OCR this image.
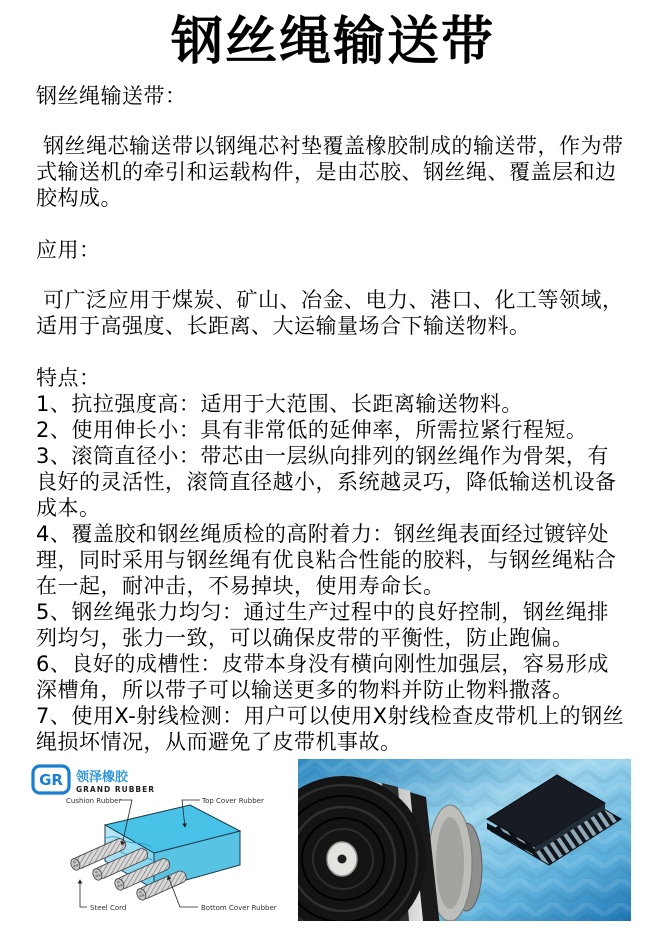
钢丝绳输送带

钢丝绳输送带：

钢丝绳芯输送带以钢绳芯衬垫覆盖橡胶制成的输送带，作为带式输送机的牵引和运载构件，是由芯胶、钢丝绳、覆盖层和边胶构成。

应用：

可广泛应用于煤炭、矿山、冶金、电力、港口、化工等领域，适用于高强度、长距离、大运输量场合下输送物料。

特点：

1、抗拉强度高：适用于大范围、长距离输送物料。

2、使用伸长小：具有非常低的延伸率，所需拉紧行程短。

3、滚筒直径小：带芯由一层纵向排列的钢丝绳作为骨架，有良好的灵活性，滚筒直径越小，系统越灵巧，降低输送机设备成本。

4、覆盖胶和钢丝绳质检的高附着力：钢丝绳表面经过镀锌处理，同时采用与钢丝绳有优良粘合性能的胶料，与钢丝绳粘合在一起，耐冲击，不易掉块，使用寿命长。

5、钢丝绳张力均匀：通过生产过程中的良好控制，钢丝绳排列均匀，张力一致，可以确保皮带的平衡性，防止跑偏。

6、良好的成槽性：皮带本身没有横向刚性加强层，容易形成深槽角，所以带子可以输送更多的物料并防止物料撒落。

7、使用X-射线检测：用户可以使用X射线检查皮带机上的钢丝绳损坏情况，从而避免了皮带机事故。

GR 领泽橡胶
GRAND RUBBER
Cushion Rubber	Top Cover Rubber
Steel Cord	Bottom Cover Rubber
